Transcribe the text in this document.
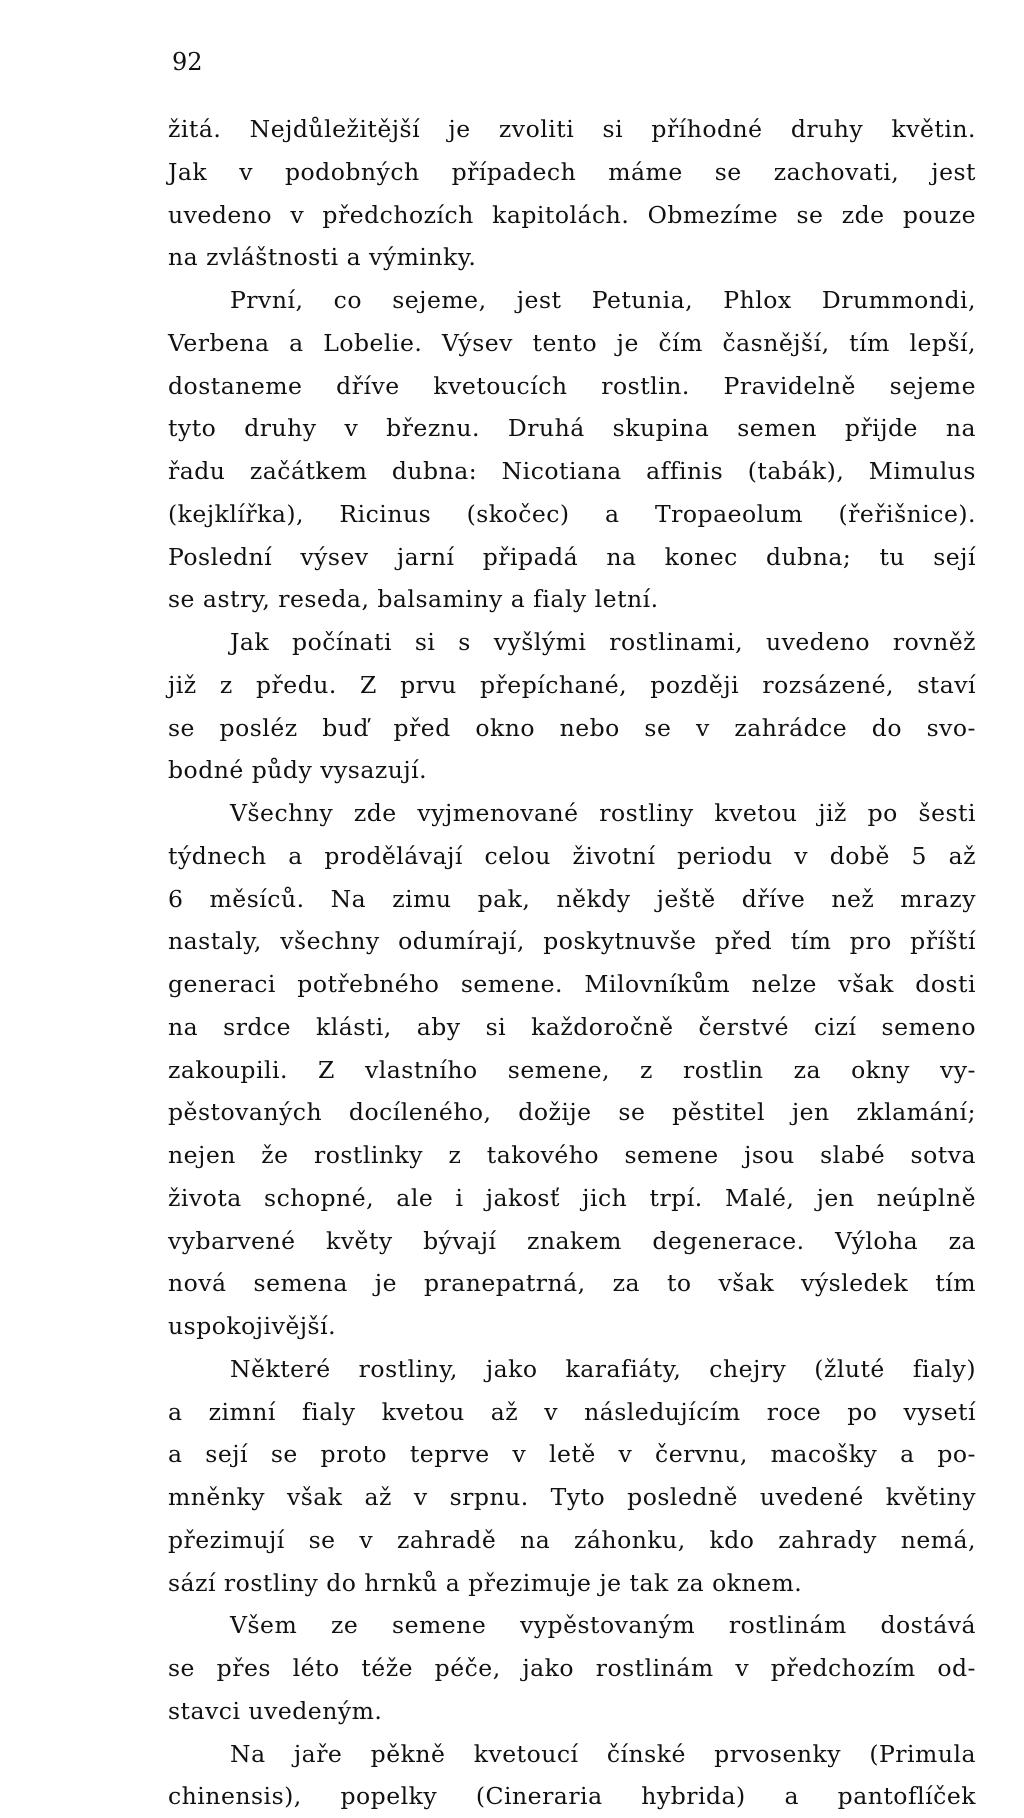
92
žitá. Nejdůležitější je zvoliti si příhodné druhy květin.
Jak v podobných případech máme se zachovati, jest
uvedeno v předchozích kapitolách. Obmezíme se zde pouze
na zvláštnosti a výminky.
První, co sejeme, jest Petunia, Phlox Drummondi,
Verbena a Lobelie. Výsev tento je čím časnější, tím lepší,
dostaneme dříve kvetoucích rostlin. Pravidelně sejeme
tyto druhy v březnu. Druhá skupina semen přijde na
řadu začátkem dubna: Nicotiana affinis (tabák), Mimulus
(kejklířka), Ricinus (skočec) a Tropaeolum (řeřišnice).
Poslední výsev jarní připadá na konec dubna; tu sejí
se astry, reseda, balsaminy a fialy letní.
Jak počínati si s vyšlými rostlinami, uvedeno rovněž
již z předu. Z prvu přepíchané, později rozsázené, staví
se posléz buď před okno nebo se v zahrádce do svo-
bodné půdy vysazují.
Všechny zde vyjmenované rostliny kvetou již po šesti
týdnech a prodělávají celou životní periodu v době 5 až
6 měsíců. Na zimu pak, někdy ještě dříve než mrazy
nastaly, všechny odumírají, poskytnuvše před tím pro příští
generaci potřebného semene. Milovníkům nelze však dosti
na srdce klásti, aby si každoročně čerstvé cizí semeno
zakoupili. Z vlastního semene, z rostlin za okny vy-
pěstovaných docíleného, dožije se pěstitel jen zklamání;
nejen že rostlinky z takového semene jsou slabé sotva
života schopné, ale i jakosť jich trpí. Malé, jen neúplně
vybarvené květy bývají znakem degenerace. Výloha za
nová semena je pranepatrná, za to však výsledek tím
uspokojivější.
Některé rostliny, jako karafiáty, chejry (žluté fialy)
a zimní fialy kvetou až v následujícím roce po vysetí
a sejí se proto teprve v letě v červnu, macošky a po-
mněnky však až v srpnu. Tyto posledně uvedené květiny
přezimují se v zahradě na záhonku, kdo zahrady nemá,
sází rostliny do hrnků a přezimuje je tak za oknem.
Všem ze semene vypěstovaným rostlinám dostává
se přes léto téže péče, jako rostlinám v předchozím od-
stavci uvedeným.
Na jaře pěkně kvetoucí čínské prvosenky (Primula
chinensis), popelky (Cineraria hybrida) a pantoflíček
